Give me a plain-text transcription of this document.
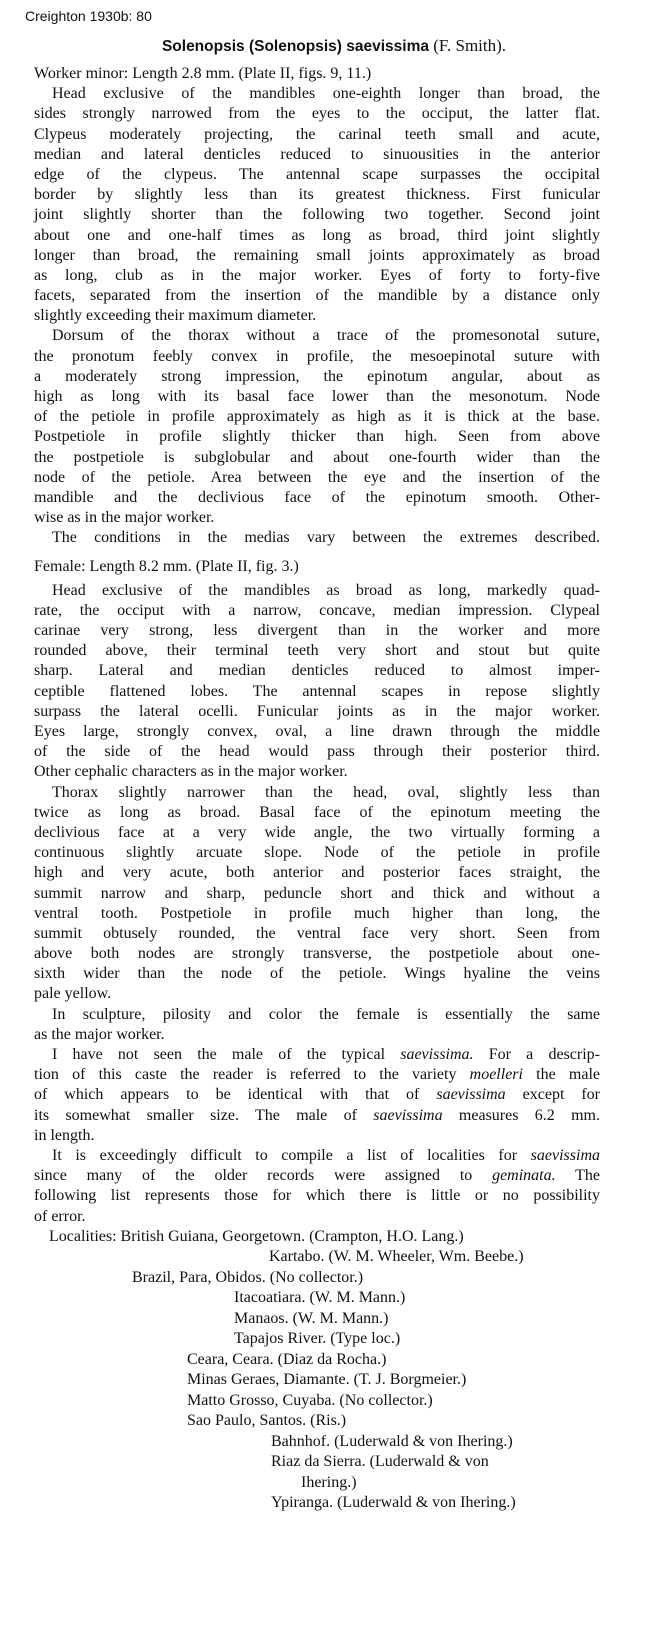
Creighton 1930b: 80
Solenopsis (Solenopsis) saevissima (F. Smith).
Worker minor: Length 2.8 mm. (Plate II, figs. 9, 11.)
Head exclusive of the mandibles one-eighth longer than broad, the
sides strongly narrowed from the eyes to the occiput, the latter flat.
Clypeus moderately projecting, the carinal teeth small and acute,
median and lateral denticles reduced to sinuousities in the anterior
edge of the clypeus. The antennal scape surpasses the occipital
border by slightly less than its greatest thickness. First funicular
joint slightly shorter than the following two together. Second joint
about one and one-half times as long as broad, third joint slightly
longer than broad, the remaining small joints approximately as broad
as long, club as in the major worker. Eyes of forty to forty-five
facets, separated from the insertion of the mandible by a distance only
slightly exceeding their maximum diameter.
Dorsum of the thorax without a trace of the promesonotal suture,
the pronotum feebly convex in profile, the mesoepinotal suture with
a moderately strong impression, the epinotum angular, about as
high as long with its basal face lower than the mesonotum. Node
of the petiole in profile approximately as high as it is thick at the base.
Postpetiole in profile slightly thicker than high. Seen from above
the postpetiole is subglobular and about one-fourth wider than the
node of the petiole. Area between the eye and the insertion of the
mandible and the declivious face of the epinotum smooth. Other-
wise as in the major worker.
The conditions in the medias vary between the extremes described.
Female: Length 8.2 mm. (Plate II, fig. 3.)
Head exclusive of the mandibles as broad as long, markedly quad-
rate, the occiput with a narrow, concave, median impression. Clypeal
carinae very strong, less divergent than in the worker and more
rounded above, their terminal teeth very short and stout but quite
sharp. Lateral and median denticles reduced to almost imper-
ceptible flattened lobes. The antennal scapes in repose slightly
surpass the lateral ocelli. Funicular joints as in the major worker.
Eyes large, strongly convex, oval, a line drawn through the middle
of the side of the head would pass through their posterior third.
Other cephalic characters as in the major worker.
Thorax slightly narrower than the head, oval, slightly less than
twice as long as broad. Basal face of the epinotum meeting the
declivious face at a very wide angle, the two virtually forming a
continuous slightly arcuate slope. Node of the petiole in profile
high and very acute, both anterior and posterior faces straight, the
summit narrow and sharp, peduncle short and thick and without a
ventral tooth. Postpetiole in profile much higher than long, the
summit obtusely rounded, the ventral face very short. Seen from
above both nodes are strongly transverse, the postpetiole about one-
sixth wider than the node of the petiole. Wings hyaline the veins
pale yellow.
In sculpture, pilosity and color the female is essentially the same
as the major worker.
I have not seen the male of the typical saevissima. For a descrip-
tion of this caste the reader is referred to the variety moelleri the male
of which appears to be identical with that of saevissima except for
its somewhat smaller size. The male of saevissima measures 6.2 mm.
in length.
It is exceedingly difficult to compile a list of localities for saevissima
since many of the older records were assigned to geminata. The
following list represents those for which there is little or no possibility
of error.
Localities: British Guiana, Georgetown. (Crampton, H.O. Lang.)
Kartabo. (W. M. Wheeler, Wm. Beebe.)
Brazil, Para, Obidos. (No collector.)
Itacoatiara. (W. M. Mann.)
Manaos. (W. M. Mann.)
Tapajos River. (Type loc.)
Ceara, Ceara. (Diaz da Rocha.)
Minas Geraes, Diamante. (T. J. Borgmeier.)
Matto Grosso, Cuyaba. (No collector.)
Sao Paulo, Santos. (Ris.)
Bahnhof. (Luderwald & von Ihering.)
Riaz da Sierra. (Luderwald & von
Ihering.)
Ypiranga. (Luderwald & von Ihering.)
